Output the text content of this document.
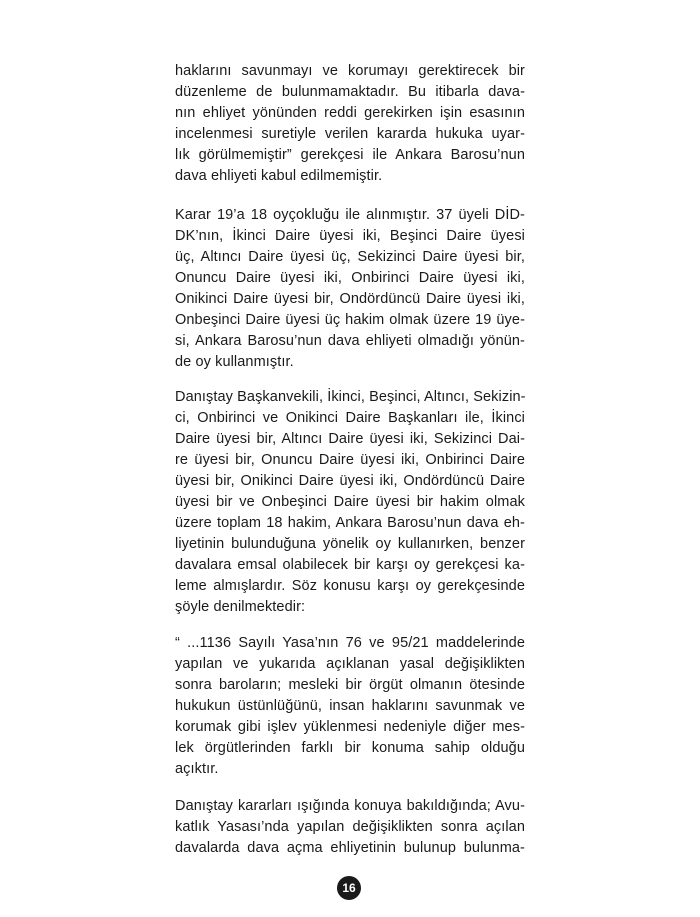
haklarını savunmayı ve korumayı gerektirecek bir
düzenleme de bulunmamaktadır. Bu itibarla dava-
nın ehliyet yönünden reddi gerekirken işin esasının
incelenmesi suretiyle verilen kararda hukuka uyar-
lık görülmemiştir” gerekçesi ile Ankara Barosu’nun
dava ehliyeti kabul edilmemiştir.
Karar 19’a 18 oyçokluğu ile alınmıştır. 37 üyeli DİD-
DK’nın, İkinci Daire üyesi iki, Beşinci Daire üyesi
üç, Altıncı Daire üyesi üç, Sekizinci Daire üyesi bir,
Onuncu Daire üyesi iki, Onbirinci Daire üyesi iki,
Onikinci Daire üyesi bir, Ondördüncü Daire üyesi iki,
Onbeşinci Daire üyesi üç hakim olmak üzere 19 üye-
si, Ankara Barosu’nun dava ehliyeti olmadığı yönün-
de oy kullanmıştır.
Danıştay Başkanvekili, İkinci, Beşinci, Altıncı, Sekizin-
ci, Onbirinci ve Onikinci Daire Başkanları ile, İkinci
Daire üyesi bir, Altıncı Daire üyesi iki, Sekizinci Dai-
re üyesi bir, Onuncu Daire üyesi iki, Onbirinci Daire
üyesi bir, Onikinci Daire üyesi iki, Ondördüncü Daire
üyesi bir ve Onbeşinci Daire üyesi bir hakim olmak
üzere toplam 18 hakim, Ankara Barosu’nun dava eh-
liyetinin bulunduğuna yönelik oy kullanırken, benzer
davalara emsal olabilecek bir karşı oy gerekçesi ka-
leme almışlardır. Söz konusu karşı oy gerekçesinde
şöyle denilmektedir:
“ ...1136 Sayılı Yasa’nın 76 ve 95/21 maddelerinde
yapılan ve yukarıda açıklanan yasal değişiklikten
sonra baroların; mesleki bir örgüt olmanın ötesinde
hukukun üstünlüğünü, insan haklarını savunmak ve
korumak gibi işlev yüklenmesi nedeniyle diğer mes-
lek örgütlerinden farklı bir konuma sahip olduğu
açıktır.
Danıştay kararları ışığında konuya bakıldığında; Avu-
katlık Yasası’nda yapılan değişiklikten sonra açılan
davalarda dava açma ehliyetinin bulunup bulunma-
16
